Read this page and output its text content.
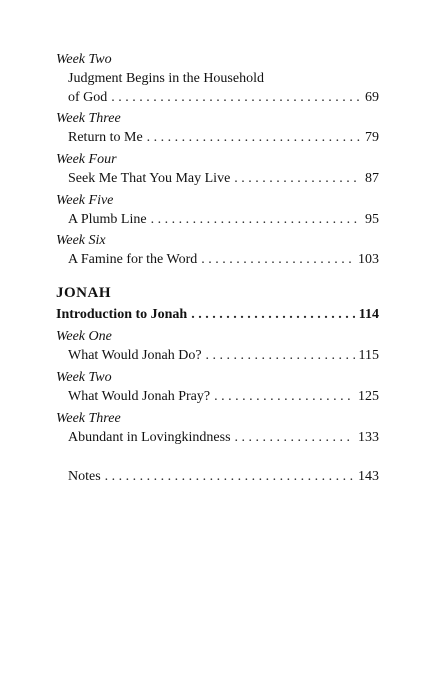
Week Two
Judgment Begins in the Household
of God . . .	69
Week Three
Return to Me . . .	79
Week Four
Seek Me That You May Live . . .	87
Week Five
A Plumb Line . . .	95
Week Six
A Famine for the Word . . .	103
JONAH
Introduction to Jonah . . .	114
Week One
What Would Jonah Do? . . .	115
Week Two
What Would Jonah Pray? . . .	125
Week Three
Abundant in Lovingkindness . . .	133
Notes . . .	143
